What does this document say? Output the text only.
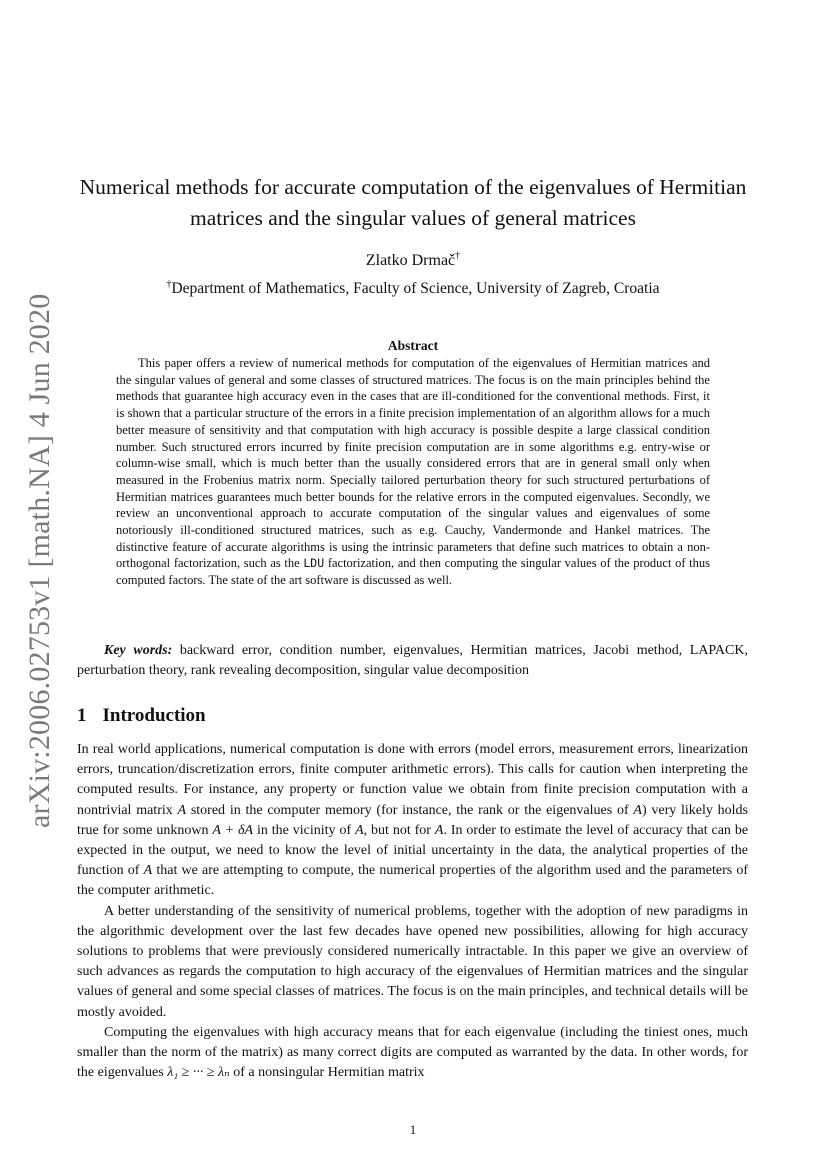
arXiv:2006.02753v1 [math.NA] 4 Jun 2020
Numerical methods for accurate computation of the eigenvalues of Hermitian matrices and the singular values of general matrices
Zlatko Drmač†
†Department of Mathematics, Faculty of Science, University of Zagreb, Croatia
Abstract

This paper offers a review of numerical methods for computation of the eigenvalues of Hermitian matrices and the singular values of general and some classes of structured matrices. The focus is on the main principles behind the methods that guarantee high accuracy even in the cases that are ill-conditioned for the conventional methods. First, it is shown that a particular structure of the errors in a finite precision implementation of an algorithm allows for a much better measure of sensitivity and that computation with high accuracy is possible despite a large classical condition number. Such structured errors incurred by finite precision computation are in some algorithms e.g. entry-wise or column-wise small, which is much better than the usually considered errors that are in general small only when measured in the Frobenius matrix norm. Specially tailored perturbation theory for such structured perturbations of Hermitian matrices guarantees much better bounds for the relative errors in the computed eigenvalues. Secondly, we review an unconventional approach to accurate computation of the singular values and eigenvalues of some notoriously ill-conditioned structured matrices, such as e.g. Cauchy, Vandermonde and Hankel matrices. The distinctive feature of accurate algorithms is using the intrinsic parameters that define such matrices to obtain a non-orthogonal factorization, such as the LDU factorization, and then computing the singular values of the product of thus computed factors. The state of the art software is discussed as well.

Key words: backward error, condition number, eigenvalues, Hermitian matrices, Jacobi method, LAPACK, perturbation theory, rank revealing decomposition, singular value decomposition

1 Introduction

In real world applications, numerical computation is done with errors (model errors, measurement errors, linearization errors, truncation/discretization errors, finite computer arithmetic errors). This calls for caution when interpreting the computed results. For instance, any property or function value we obtain from finite precision computation with a nontrivial matrix A stored in the computer memory (for instance, the rank or the eigenvalues of A) very likely holds true for some unknown A + δA in the vicinity of A, but not for A. In order to estimate the level of accuracy that can be expected in the output, we need to know the level of initial uncertainty in the data, the analytical properties of the function of A that we are attempting to compute, the numerical properties of the algorithm used and the parameters of the computer arithmetic.

A better understanding of the sensitivity of numerical problems, together with the adoption of new paradigms in the algorithmic development over the last few decades have opened new possibilities, allowing for high accuracy solutions to problems that were previously considered numerically intractable. In this paper we give an overview of such advances as regards the computation to high accuracy of the eigenvalues of Hermitian matrices and the singular values of general and some special classes of matrices. The focus is on the main principles, and technical details will be mostly avoided.

Computing the eigenvalues with high accuracy means that for each eigenvalue (including the tiniest ones, much smaller than the norm of the matrix) as many correct digits are computed as warranted by the data. In other words, for the eigenvalues λ₁ ≥ ··· ≥ λₙ of a nonsingular Hermitian matrix

1
